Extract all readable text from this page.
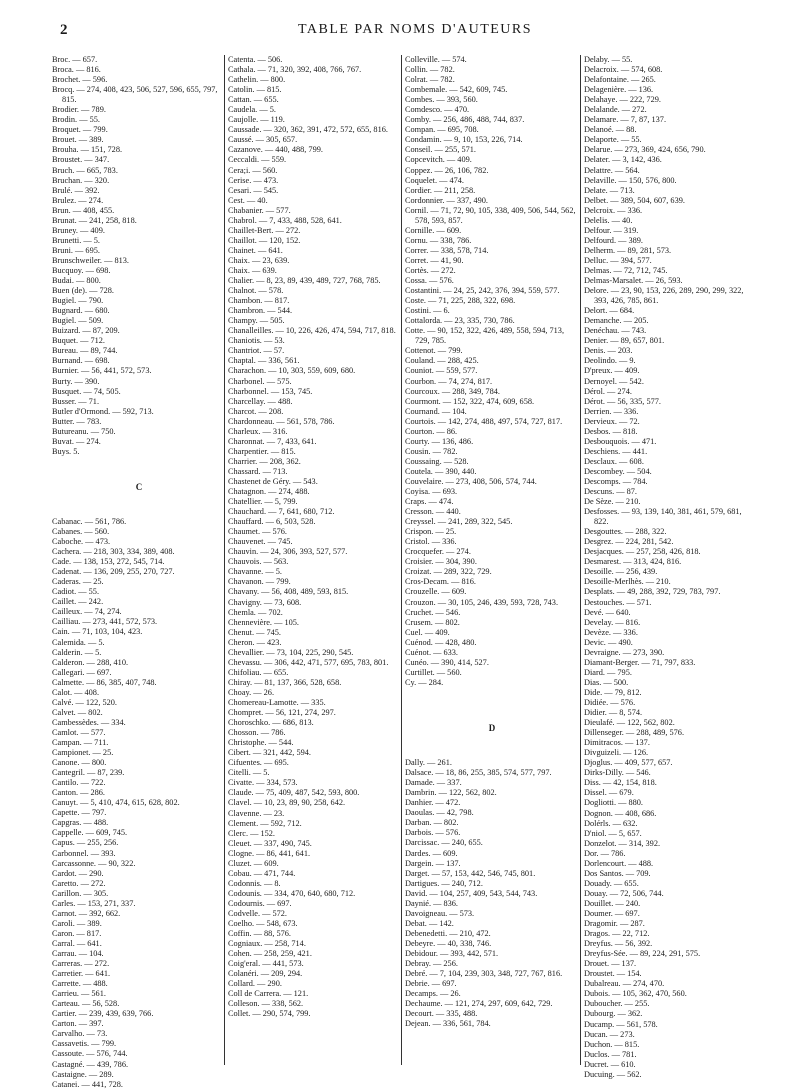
2	TABLE PAR NOMS D'AUTEURS
Broc. — 657.
Broca. — 816.
Brochet. — 596.
Brocq. — 274, 408, 423, 506, 527, 596, 655, 797, 815.
Brodier. — 789.
Brodin. — 55.
Broquet. — 799.
Brouet. — 389.
Brouha. — 151, 728.
Broustet. — 347.
Bruch. — 665, 783.
Bruchan. — 320.
Brulé. — 392.
Brulez. — 274.
Brun. — 408, 455.
Brunat. — 241, 258, 818.
Bruney. — 409.
Brunetti. — 5.
Bruni. — 695.
Brunschweiler. — 813.
Bucquoy. — 698.
Budai. — 800.
Buen (de). — 728.
Bugiel. — 790.
Bugnard. — 680.
Bugiel. — 509.
Buizard. — 87, 209.
Buquet. — 712.
Bureau. — 89, 744.
Burnand. — 698.
Burnier. — 56, 441, 572, 573.
Burty. — 390.
Busquet. — 74, 505.
Busser. — 71.
Butler d'Ormond. — 592, 713.
Butter. — 783.
Butureanu. — 750.
Buvat. — 274.
Buys. 5.
C
Cabanac. — 561, 786.
Cabanes. — 560.
Caboche. — 473.
Cachera. — 218, 303, 334, 389, 408.
Cade. — 138, 153, 272, 545, 714.
Cadenat. — 136, 209, 255, 270, 727.
Caderas. — 25.
Cadiot. — 55.
Caillet. — 242.
Cailleux. — 74, 274.
Cailliau. — 273, 441, 572, 573.
Cain. — 71, 103, 104, 423.
Calemida. — 5.
Calderin. — 5.
Calderon. — 288, 410.
Callegari. — 697.
Calmette. — 86, 385, 407, 748.
Calot. — 408.
Calvé. — 122, 520.
Calvet. — 802.
Cambessèdes. — 334.
Camlot. — 577.
Campan. — 711.
Campionet. — 25.
Canone. — 800.
Cantegril. — 87, 239.
Cantilo. — 722.
Canton. — 286.
Canuyt. — 5, 410, 474, 615, 628, 802.
Capette. — 797.
Capgras. — 488.
Cappelle. — 609, 745.
Capus. — 255, 256.
Carbonnel. — 393.
Carcassonne. — 90, 322.
Cardot. — 290.
Caretto. — 272.
Carillon. — 305.
Carles. — 153, 271, 337.
Carnot. — 392, 662.
Caroli. — 389.
Caron. — 817.
Carral. — 641.
Carrau. — 104.
Carreras. — 272.
Carretier. — 641.
Carrette. — 488.
Carrieu. — 561.
Carteau. — 56, 528.
Cartier. — 239, 439, 639, 766.
Carton. — 397.
Carvalho. — 73.
Cassavetis. — 799.
Cassoute. — 576, 744.
Castagné. — 439, 786.
Castaigne. — 289.
Catanei. — 441, 728.
Catenta. — 506.
Cathala. — 71, 320, 392, 408, 766, 767.
Cathelin. — 800.
Catolin. — 815.
Cattan. — 655.
Caudela. — 5.
Caujolle. — 119.
Caussade. — 320, 362, 391, 472, 572, 655, 816.
Caussé. — 305, 657.
Cazanove. — 440, 488, 799.
Ceccaldi. — 559.
Cera;i. — 560.
Cerise. — 473.
Cesari. — 545.
Cest. — 40.
Chabanier. — 577.
Chabrol. — 7, 433, 488, 528, 641.
Chaillet-Bert. — 272.
Chaillot. — 120, 152.
Chainet. — 641.
Chaix. — 23, 639.
Chaix. — 639.
Chalier. — 8, 23, 89, 439, 489, 727, 768, 785.
Chalnot. — 578.
Chambon. — 817.
Chambron. — 544.
Champy. — 505.
Chanalleilles. — 10, 226, 426, 474, 594, 717, 818.
Chaniotis. — 53.
Chantriot. — 57.
Chaptal. — 336, 561.
Charachon. — 10, 303, 559, 609, 680.
Charbonel. — 575.
Charbonnel. — 153, 745.
Charcellay. — 488.
Charcot. — 208.
Chardonneau. — 561, 578, 786.
Charleux. — 316.
Charonnat. — 7, 433, 641.
Charpentier. — 815.
Charrier. — 208, 362.
Chassard. — 713.
Chastenet de Géry. — 543.
Chatagnon. — 274, 488.
Chatellier. — 5, 799.
Chauchard. — 7, 641, 680, 712.
Chauffard. — 6, 503, 528.
Chaumet. — 576.
Chauvenet. — 745.
Chauvin. — 24, 306, 393, 527, 577.
Chauvois. — 563.
Chavanne. — 5.
Chavanon. — 799.
Chavany. — 56, 408, 489, 593, 815.
Chavigny. — 73, 608.
Chemla. — 702.
Chennevière. — 105.
Chenut. — 745.
Cheron. — 423.
Chevallier. — 73, 104, 225, 290, 545.
Chevassu. — 306, 442, 471, 577, 695, 783, 801.
Chifoliau. — 655.
Chiray. — 81, 137, 366, 528, 658.
Choay. — 26.
Chomereau-Lamotte. — 335.
Chompret. — 56, 121, 274, 297.
Choroschko. — 686, 813.
Chosson. — 786.
Christophe. — 544.
Cibert. — 321, 442, 594.
Cifuentes. — 695.
Citelli. — 5.
Civatte. — 334, 573.
Claude. — 75, 409, 487, 542, 593, 800.
Clavel. — 10, 23, 89, 90, 258, 642.
Clavenne. — 23.
Clement. — 592, 712.
Clerc. — 152.
Cleuet. — 337, 490, 745.
Clogne. — 86, 441, 641.
Cluzet. — 609.
Cobau. — 471, 744.
Codonnis. — 8.
Codounis. — 334, 470, 640, 680, 712.
Codournis. — 697.
Codvelle. — 572.
Coelho. — 548, 673.
Coffin. — 88, 576.
Cogniaux. — 258, 714.
Cohen. — 258, 259, 421.
Coig'eral. — 441, 573.
Colanéri. — 209, 294.
Collard. — 290.
Coll de Carrera. — 121.
Colleson. — 338, 562.
Collet. — 290, 574, 799.
Colleville. — 574.
Collin. — 782.
Colrat. — 782.
Combemale. — 542, 609, 745.
Combes. — 393, 560.
Comdesco. — 470.
Comby. — 256, 486, 488, 744, 837.
Compan. — 695, 708.
Condamin. — 9, 10, 153, 226, 714.
Conseil. — 255, 571.
Copcevitch. — 409.
Coppez. — 26, 106, 782.
Coquelet. — 474.
Cordier. — 211, 258.
Cordonnier. — 337, 490.
Cornil. — 71, 72, 90, 105, 338, 409, 506, 544, 562, 578, 593, 857.
Cornille. — 609.
Cornu. — 338, 786.
Correr. — 338, 578, 714.
Corret. — 41, 90.
Cortès. — 272.
Cossa. — 576.
Costantini. — 24, 25, 242, 376, 394, 559, 577.
Coste. — 71, 225, 288, 322, 698.
Costini. — 6.
Cottalorda. — 23, 335, 730, 786.
Cotte. — 90, 152, 322, 426, 489, 558, 594, 713, 729, 785.
Cottenot. — 799.
Couland. — 288, 425.
Couniot. — 559, 577.
Courbon. — 74, 274, 817.
Courcoux. — 288, 349, 784.
Courmont. — 152, 322, 474, 609, 658.
Cournand. — 104.
Courtois. — 142, 274, 488, 497, 574, 727, 817.
Courton. — 86.
Courty. — 136, 486.
Cousin. — 782.
Coussaing. — 528.
Coutela. — 390, 440.
Couvelaire. — 273, 408, 506, 574, 744.
Coyisa. — 693.
Craps. — 474.
Cresson. — 440.
Creyssel. — 241, 289, 322, 545.
Crispon. — 25.
Cristol. — 336.
Crocquefer. — 274.
Croisier. — 304, 390.
Croizat. — 289, 322, 729.
Cros-Decam. — 816.
Crouzelle. — 609.
Crouzon. — 30, 105, 246, 439, 593, 728, 743.
Cruchet. — 546.
Crusem. — 802.
Cuel. — 409.
Cuénod. — 428, 480.
Cuénot. — 633.
Cunéo. — 390, 414, 527.
Curtillet. — 560.
Cy. — 284.
D
Dally. — 261.
Dalsace. — 18, 86, 255, 385, 574, 577, 797.
Damade. — 337.
Dambrin. — 122, 562, 802.
Danhier. — 472.
Daoulas. — 42, 798.
Darban. — 802.
Darbois. — 576.
Darcissac. — 240, 655.
Dardes. — 609.
Dargein. — 137.
Darget. — 57, 153, 442, 546, 745, 801.
Dartigues. — 240, 712.
David. — 104, 257, 409, 543, 544, 743.
Daynié. — 836.
Davoigneau. — 573.
Debat. — 142.
Debenedetti. — 210, 472.
Debeyre. — 40, 338, 746.
Debidour. — 393, 442, 571.
Debray. — 256.
Debré. — 7, 104, 239, 303, 348, 727, 767, 816.
Debrie. — 697.
Decamps. — 26.
Dechaume. — 121, 274, 297, 609, 642, 729.
Decourt. — 335, 488.
Dejean. — 336, 561, 784.
Delaby. — 55.
Delacroix. — 574, 608.
Delafontaine. — 265.
Delagenière. — 136.
Delahaye. — 222, 729.
Delalande. — 272.
Delamare. — 7, 87, 137.
Delanoé. — 88.
Delaporte. — 55.
Delarue. — 273, 369, 424, 656, 790.
Delater. — 3, 142, 436.
Delattre. — 564.
Delaville. — 150, 576, 800.
Delate. — 713.
Delbet. — 389, 504, 607, 639.
Delcroix. — 336.
Delelis. — 40.
Delfour. — 319.
Delfourd. — 389.
Delherm. — 89, 281, 573.
Delluc. — 394, 577.
Delmas. — 72, 712, 745.
Delmas-Marsalet. — 26, 593.
Delore. — 23, 90, 153, 226, 289, 290, 299, 322, 393, 426, 785, 861.
Delort. — 684.
Demanche. — 205.
Denéchau. — 743.
Denier. — 89, 657, 801.
Denis. — 203.
Deolindo. — 9.
D'preux. — 409.
Dernoyel. — 542.
Dérol. — 274.
Dérot. — 56, 335, 577.
Derrien. — 336.
Dervieux. — 72.
Desbos. — 818.
Desbouquois. — 471.
Deschiens. — 441.
Desclaux. — 608.
Descombey. — 504.
Descomps. — 784.
Descuns. — 87.
De Sèze. — 210.
Desfosses. — 93, 139, 140, 381, 461, 579, 681, 822.
Desgouttes. — 288, 322.
Desgrez. — 224, 281, 542.
Desjacques. — 257, 258, 426, 818.
Desmarest. — 313, 424, 816.
Desoille. — 256, 439.
Desoille-Merlhès. — 210.
Desplats. — 49, 288, 392, 729, 783, 797.
Destouches. — 571.
Devé. — 640.
Develay. — 816.
Devèze. — 336.
Devic. — 490.
Devraigne. — 273, 390.
Diamant-Berger. — 71, 797, 833.
Diard. — 795.
Dias. — 500.
Dide. — 79, 812.
Didiée. — 576.
Didier. — 8, 574.
Dieulafé. — 122, 562, 802.
Dillenseger. — 288, 489, 576.
Dimitracos. — 137.
Divguizeli. — 126.
Djoglus. — 409, 577, 657.
Dirks-Dilly. — 546.
Diss. — 42, 154, 818.
Dissel. — 679.
Dogliotti. — 880.
Dognon. — 408, 686.
Dolérls. — 632.
D'niol. — 5, 657.
Donzelot. — 314, 392.
Dor. — 786.
Dorlencourt. — 488.
Dos Santos. — 709.
Douady. — 655.
Douay. — 72, 506, 744.
Douillet. — 240.
Doumer. — 697.
Dragomir. — 287.
Dragos. — 22, 712.
Dreyfus. — 56, 392.
Dreyfus-Sée. — 89, 224, 291, 575.
Drouet. — 137.
Droustet. — 154.
Dubalreau. — 274, 470.
Dubois. — 105, 362, 470, 560.
Duboucher. — 255.
Dubourg. — 362.
Ducamp. — 561, 578.
Ducan. — 273.
Duchon. — 815.
Duclos. — 781.
Ducret. — 610.
Ducuing. — 562.
